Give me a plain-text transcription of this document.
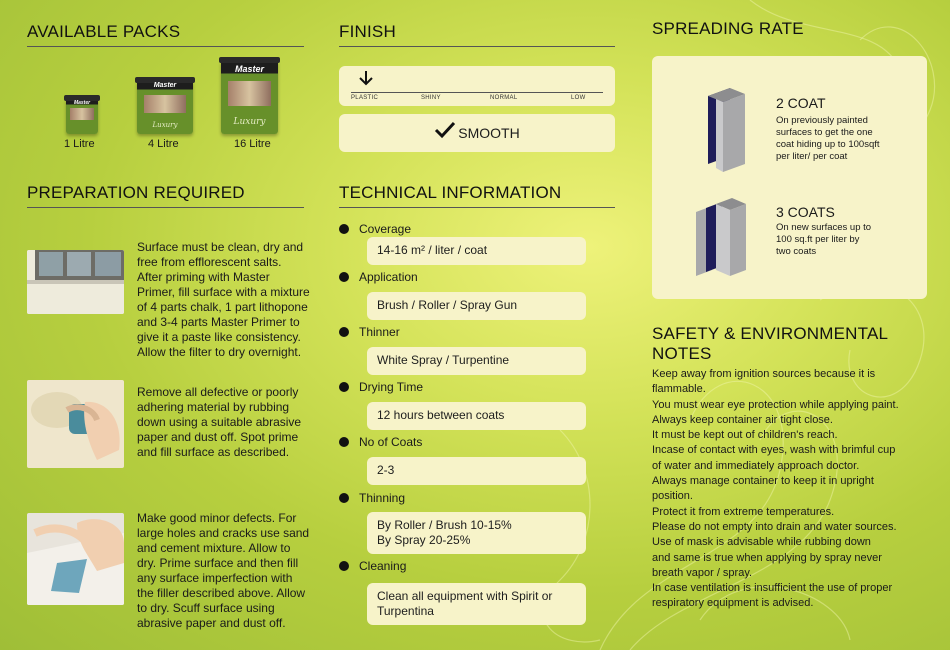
AVAILABLE PACKS
Master
1 Litre
Master
Luxury
4 Litre
Master
Luxury
16 Litre
FINISH
PLASTIC	SHINY	NORMAL	LOW
SMOOTH
SPREADING RATE
2 COAT
On previously painted
surfaces to get the one
coat hiding up to 100sqft
per liter/ per coat
3 COATS
On new surfaces up to
100 sq.ft per liter by
two coats
PREPARATION REQUIRED
Surface must be clean, dry and
free from efflorescent salts.
After priming with Master
Primer, fill surface with a mixture
of 4 parts chalk, 1 part lithopone
and 3-4 parts Master Primer to
give it a paste like consistency.
Allow the filter to dry overnight.
Remove all defective or poorly
adhering material by rubbing
down using a suitable abrasive
paper and dust off. Spot prime
and fill surface as described.
Make good minor defects. For
large holes and cracks use sand
and cement mixture. Allow to
dry. Prime surface and then fill
any surface imperfection with
the filler described above. Allow
to dry. Scuff surface using
abrasive paper and dust off.
TECHNICAL INFORMATION
Coverage
14-16 m² / liter / coat
Application
Brush / Roller / Spray Gun
Thinner
White Spray / Turpentine
Drying Time
12 hours between coats
No of Coats
2-3
Thinning
By Roller / Brush 10-15%
By Spray 20-25%
Cleaning
Clean all equipment with Spirit or
Turpentina
SAFETY & ENVIRONMENTAL NOTES
Keep away from ignition sources because it is
flammable.
You must wear eye protection while applying paint.
Always keep container air tight close.
It must be kept out of children's reach.
Incase of contact with eyes, wash with brimful cup
of water and immediately approach doctor.
Always manage container to keep it in upright
position.
Protect it from extreme temperatures.
Please do not empty into drain and water sources.
Use of mask is advisable while rubbing down
and same is true when applying by spray never
breath vapor / spray.
In case ventilation is insufficient the use of proper
respiratory equipment is advised.
